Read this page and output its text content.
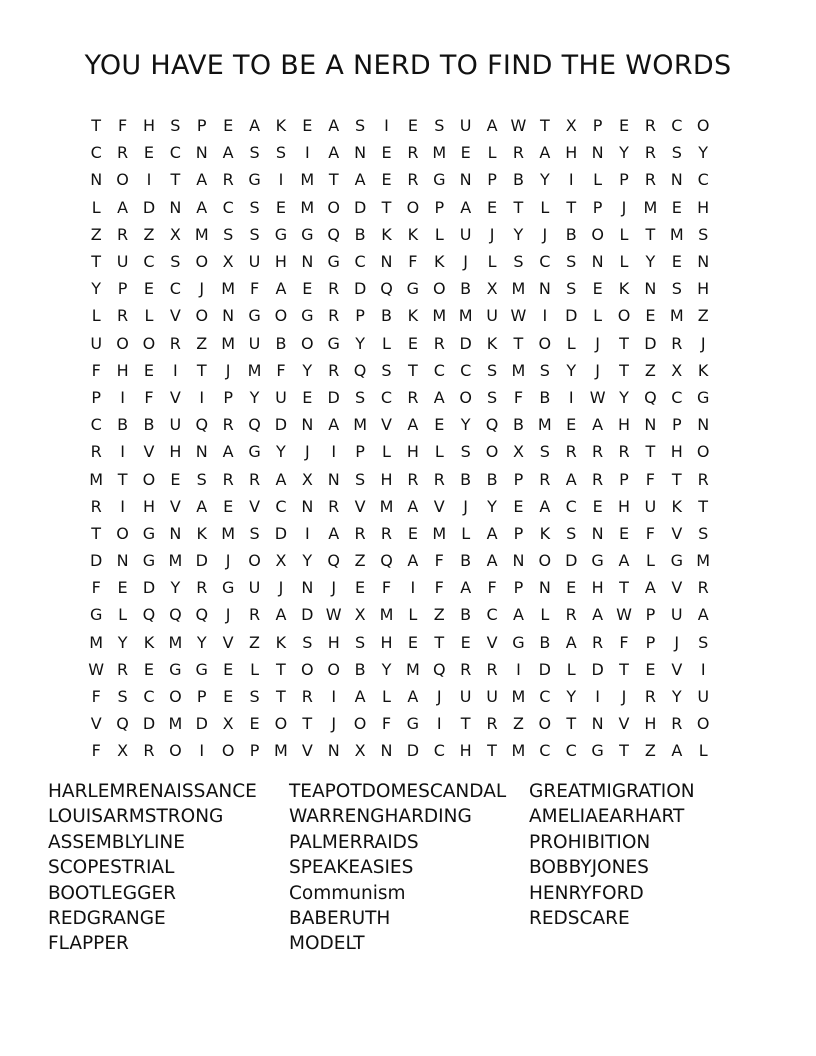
YOU HAVE TO BE A NERD TO FIND THE WORDS
T	F H S	P	E A K	E A S	I	E	S U A W T	X	P	E R C O
C R E C N A S	S	I	A N E R M E	L	R A H N Y R S	Y
N O	I	T	A R G	I	M T	A E R G N P	B	Y	I	L	P	R N C
L	A D N A C S	E M O D T O P	A E	T	L	T	P	J	M E H
Z R Z X M S	S G G Q B K K	L	U	J	Y	J	B O L	T M S
T U C S O X U H N G C N F	K	J	L	S C S N L	Y	E N
Y	P	E C	J	M F	A E R D Q G O B X M N S	E	K N S H
L	R	L	V O N G O G R	P	B K M M U W	I	D L O E M Z
U O O R Z M U B O G Y	L	E R D K	T O L	J	T D R	J
F H E	I	T	J	M F	Y R Q S	T C C S M S	Y	J	T	Z X K
P	I	F	V	I	P	Y U E D S C R A O S	F	B	I	W Y Q C G
C B B U Q R Q D N A M V A E	Y Q B M E A H N P N
R	I	V H N A G Y	J	I	P	L H L	S O X S R R R T H O
M T O E	S R R A X N S H R R B B	P	R A R	P	F	T R
R	I	H V A E V C N R V M A V	J	Y	E A C E H U K	T
T O G N K M S D	I	A R R E M L	A	P	K	S N E	F	V S
D N G M D	J	O X	Y Q Z Q A	F	B A N O D G A	L G M
F	E D Y R G U	J	N	J	E	F	I	F	A	F	P N E H T	A V R
G L Q Q Q	J	R A D W X M L	Z B C A	L	R A W P U A
M Y	K M Y	V Z K	S H S H E	T	E V G B A R	F	P	J	S
W R E G G E	L	T O O B	Y M Q R R	I	D L D T	E V	I
F	S C O P	E	S	T R	I	A	L	A	J	U U M C Y	I	J	R Y U
V Q D M D X E O T	J	O F G	I	T R Z O T N V H R O
F	X R O	I	O P M V N X N D C H T M C C G T	Z A	L
HARLEMRENAISSANCE
LOUISARMSTRONG
ASSEMBLYLINE
SCOPESTRIAL
BOOTLEGGER
REDGRANGE
FLAPPER
TEAPOTDOMESCANDAL
WARRENGHARDING
PALMERRAIDS
SPEAKEASIES
Communism
BABERUTH
MODELT
GREATMIGRATION
AMELIAEARHART
PROHIBITION
BOBBYJONES
HENRYFORD
REDSCARE
